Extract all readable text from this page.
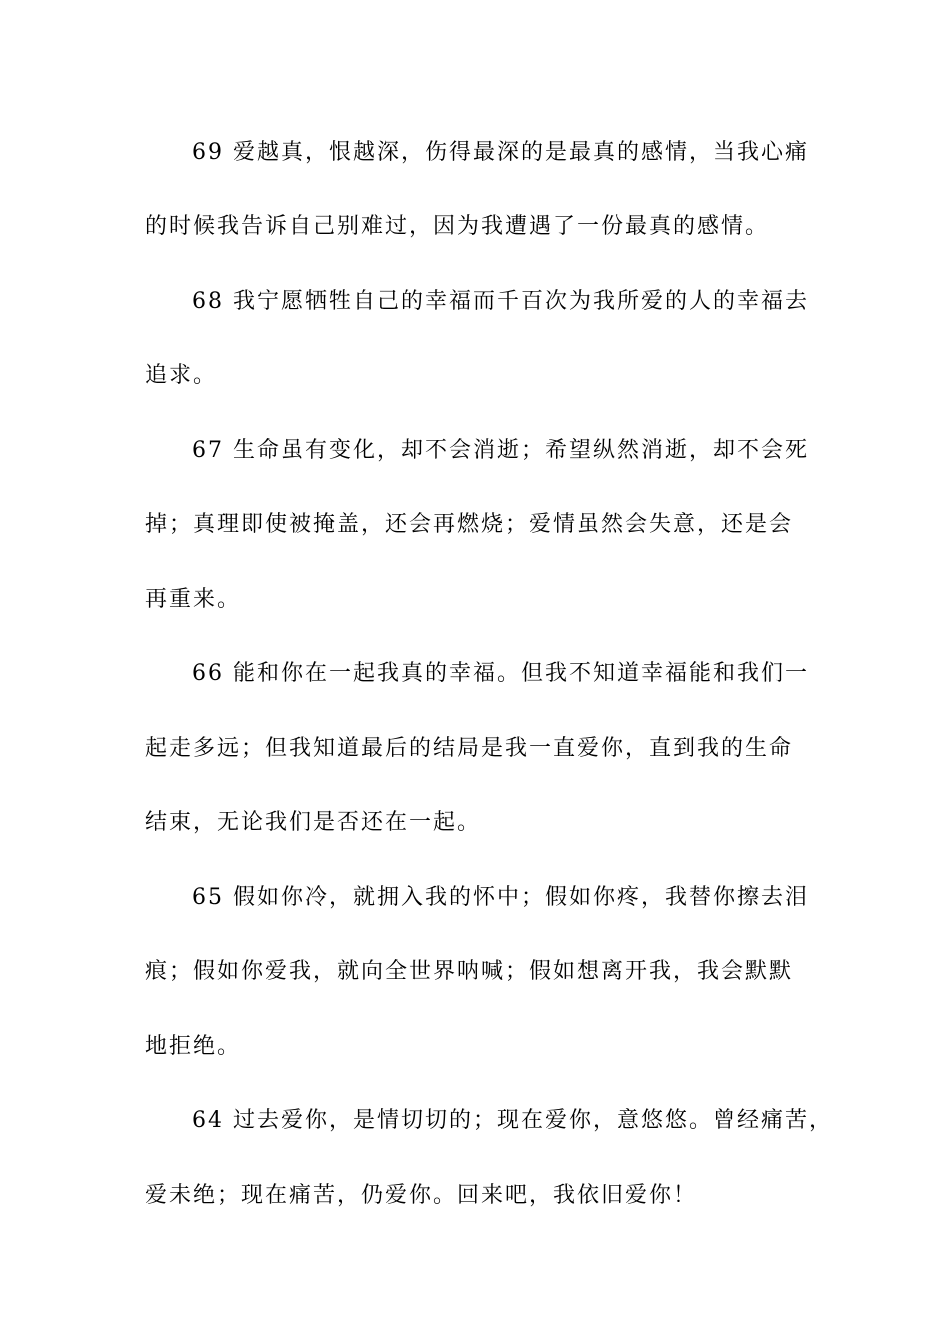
69 爱越真，恨越深，伤得最深的是最真的感情，当我心痛
的时候我告诉自己别难过，因为我遭遇了一份最真的感情。
68 我宁愿牺牲自己的幸福而千百次为我所爱的人的幸福去
追求。
67 生命虽有变化，却不会消逝；希望纵然消逝，却不会死
掉；真理即使被掩盖，还会再燃烧；爱情虽然会失意，还是会
再重来。
66 能和你在一起我真的幸福。但我不知道幸福能和我们一
起走多远；但我知道最后的结局是我一直爱你，直到我的生命
结束，无论我们是否还在一起。
65 假如你冷，就拥入我的怀中；假如你疼，我替你擦去泪
痕；假如你爱我，就向全世界呐喊；假如想离开我，我会默默
地拒绝。
64 过去爱你，是情切切的；现在爱你，意悠悠。曾经痛苦，
爱未绝；现在痛苦，仍爱你。回来吧，我依旧爱你！
